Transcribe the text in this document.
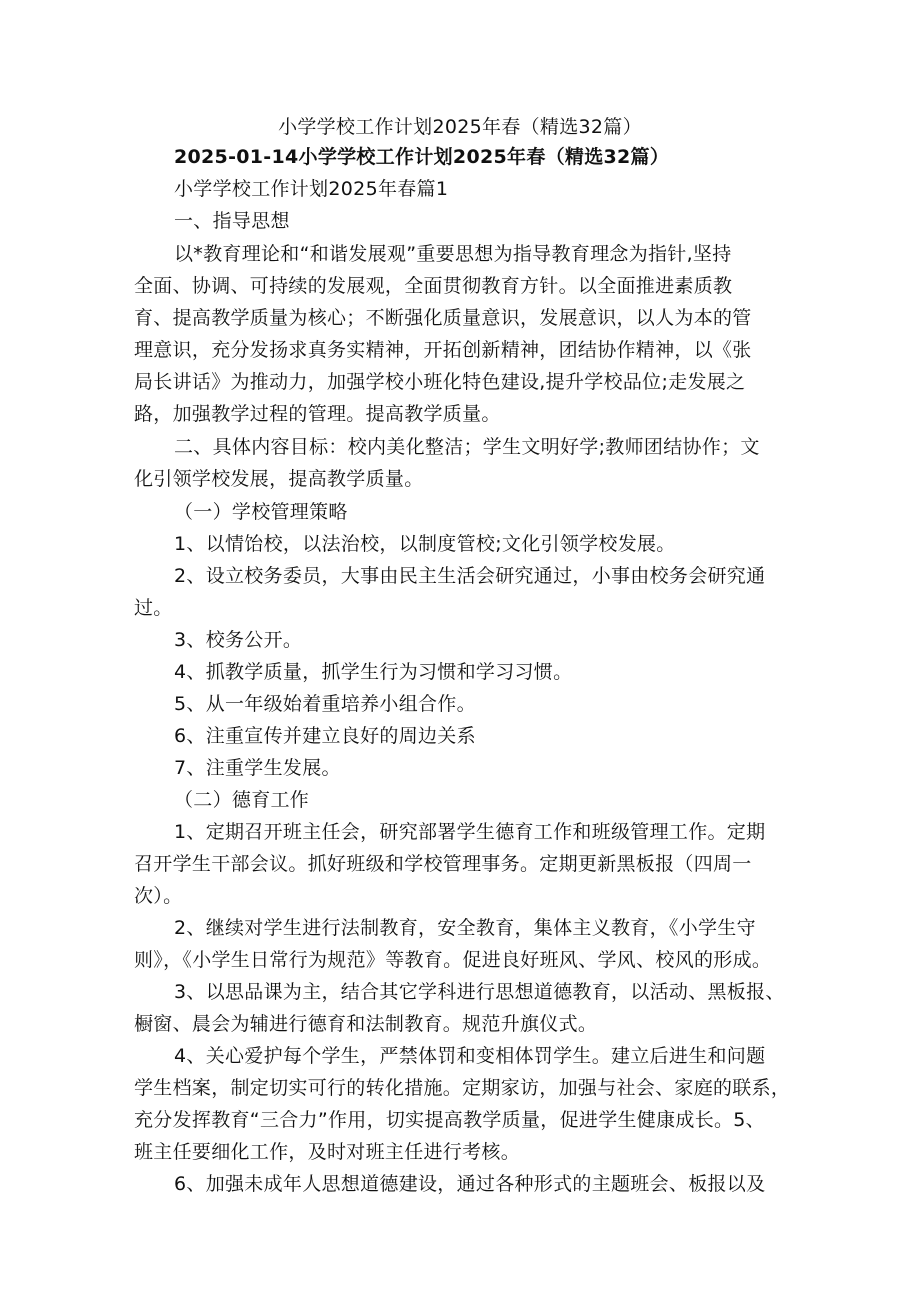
小学学校工作计划2025年春（精选32篇）
2025-01-14小学学校工作计划2025年春（精选32篇）
小学学校工作计划2025年春篇1
一、指导思想
以*教育理论和“和谐发展观”重要思想为指导教育理念为指针,坚持
全面、协调、可持续的发展观，全面贯彻教育方针。以全面推进素质教
育、提高教学质量为核心；不断强化质量意识，发展意识，以人为本的管
理意识，充分发扬求真务实精神，开拓创新精神，团结协作精神，以《张
局长讲话》为推动力，加强学校小班化特色建设,提升学校品位;走发展之
路，加强教学过程的管理。提高教学质量。
二、具体内容目标：校内美化整洁；学生文明好学;教师团结协作；文
化引领学校发展，提高教学质量。
（一）学校管理策略
1、以情饴校，以法治校，以制度管校;文化引领学校发展。
2、设立校务委员，大事由民主生活会研究通过，小事由校务会研究通
过。
3、校务公开。
4、抓教学质量，抓学生行为习惯和学习习惯。
5、从一年级始着重培养小组合作。
6、注重宣传并建立良好的周边关系
7、注重学生发展。
（二）德育工作
1、定期召开班主任会，研究部署学生德育工作和班级管理工作。定期
召开学生干部会议。抓好班级和学校管理事务。定期更新黑板报（四周一
次）。
2、继续对学生进行法制教育，安全教育，集体主义教育，《小学生守
则》，《小学生日常行为规范》等教育。促进良好班风、学风、校风的形成。
3、以思品课为主，结合其它学科进行思想道德教育，以活动、黑板报、
橱窗、晨会为辅进行德育和法制教育。规范升旗仪式。
4、关心爱护每个学生，严禁体罚和变相体罚学生。建立后进生和问题
学生档案，制定切实可行的转化措施。定期家访，加强与社会、家庭的联系，
充分发挥教育“三合力”作用，切实提高教学质量，促进学生健康成长。5、
班主任要细化工作，及时对班主任进行考核。
6、加强未成年人思想道德建设，通过各种形式的主题班会、板报以及
